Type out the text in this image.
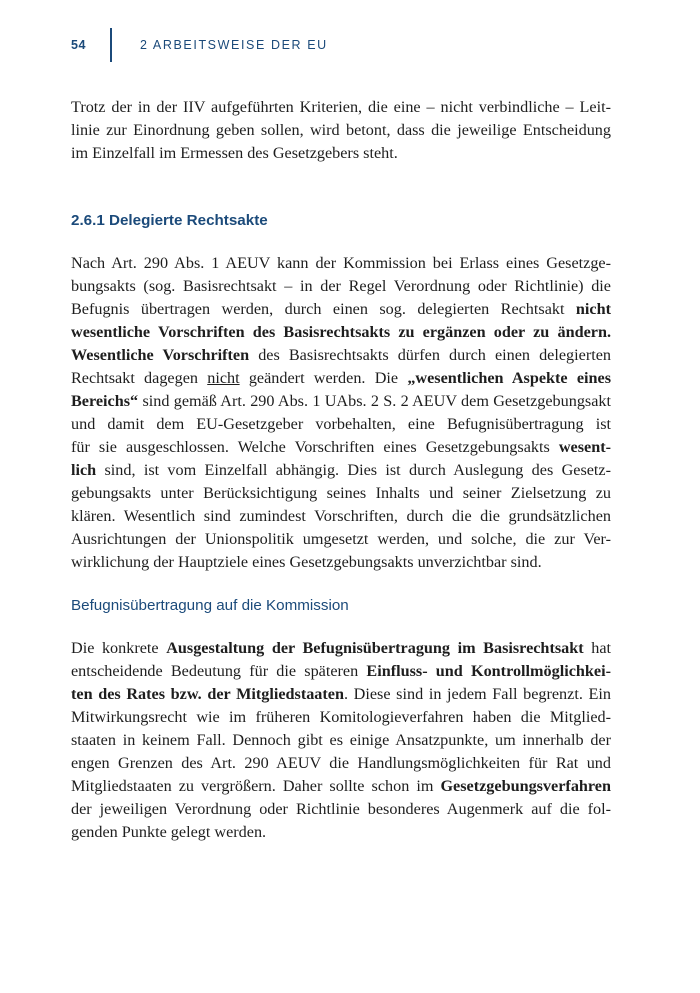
54	2 ARBEITSWEISE DER EU
Trotz der in der IIV aufgeführten Kriterien, die eine – nicht verbindliche – Leit-
linie zur Einordnung geben sollen, wird betont, dass die jeweilige Entscheidung
im Einzelfall im Ermessen des Gesetzgebers steht.
2.6.1 Delegierte Rechtsakte
Nach Art. 290 Abs. 1 AEUV kann der Kommission bei Erlass eines Gesetzge-
bungsakts (sog. Basisrechtsakt – in der Regel Verordnung oder Richtlinie) die
Befugnis übertragen werden, durch einen sog. delegierten Rechtsakt nicht
wesentliche Vorschriften des Basisrechtsakts zu ergänzen oder zu ändern.
Wesentliche Vorschriften des Basisrechtsakts dürfen durch einen delegierten
Rechtsakt dagegen nicht geändert werden. Die „wesentlichen Aspekte eines
Bereichs“ sind gemäß Art. 290 Abs. 1 UAbs. 2 S. 2 AEUV dem Gesetzgebungsakt
und damit dem EU-Gesetzgeber vorbehalten, eine Befugnisübertragung ist
für sie ausgeschlossen. Welche Vorschriften eines Gesetzgebungsakts wesent-
lich sind, ist vom Einzelfall abhängig. Dies ist durch Auslegung des Gesetz-
gebungsakts unter Berücksichtigung seines Inhalts und seiner Zielsetzung zu
klären. Wesentlich sind zumindest Vorschriften, durch die die grundsätzlichen
Ausrichtungen der Unionspolitik umgesetzt werden, und solche, die zur Ver-
wirklichung der Hauptziele eines Gesetzgebungsakts unverzichtbar sind.
Befugnisübertragung auf die Kommission
Die konkrete Ausgestaltung der Befugnisübertragung im Basisrechtsakt hat
entscheidende Bedeutung für die späteren Einfluss- und Kontrollmöglichkei-
ten des Rates bzw. der Mitgliedstaaten. Diese sind in jedem Fall begrenzt. Ein
Mitwirkungsrecht wie im früheren Komitologieverfahren haben die Mitglied-
staaten in keinem Fall. Dennoch gibt es einige Ansatzpunkte, um innerhalb der
engen Grenzen des Art. 290 AEUV die Handlungsmöglichkeiten für Rat und
Mitgliedstaaten zu vergrößern. Daher sollte schon im Gesetzgebungsverfahren
der jeweiligen Verordnung oder Richtlinie besonderes Augenmerk auf die fol-
genden Punkte gelegt werden.
